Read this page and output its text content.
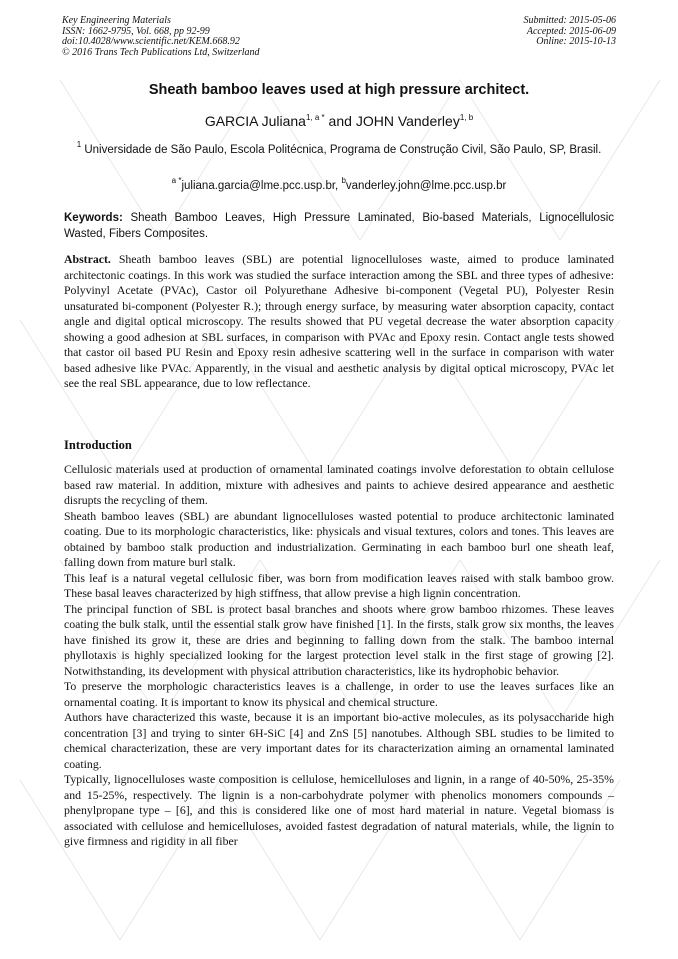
Key Engineering Materials
ISSN: 1662-9795, Vol. 668, pp 92-99
doi:10.4028/www.scientific.net/KEM.668.92
© 2016 Trans Tech Publications Ltd, Switzerland
Submitted: 2015-05-06
Accepted: 2015-06-09
Online: 2015-10-13
Sheath bamboo leaves used at high pressure architect.
GARCIA Juliana$^{1, a *}$ and JOHN Vanderley$^{1, b}$
$^1$ Universidade de São Paulo, Escola Politécnica, Programa de Construção Civil, São Paulo, SP, Brasil.
$^{a *}$juliana.garcia@lme.pcc.usp.br, $^b$vanderley.john@lme.pcc.usp.br
Keywords: Sheath Bamboo Leaves, High Pressure Laminated, Bio-based Materials, Lignocellulosic Wasted, Fibers Composites.
Abstract. Sheath bamboo leaves (SBL) are potential lignocelluloses waste, aimed to produce laminated architectonic coatings. In this work was studied the surface interaction among the SBL and three types of adhesive: Polyvinyl Acetate (PVAc), Castor oil Polyurethane Adhesive bi-component (Vegetal PU), Polyester Resin unsaturated bi-component (Polyester R.); through energy surface, by measuring water absorption capacity, contact angle and digital optical microscopy. The results showed that PU vegetal decrease the water absorption capacity showing a good adhesion at SBL surfaces, in comparison with PVAc and Epoxy resin. Contact angle tests showed that castor oil based PU Resin and Epoxy resin adhesive scattering well in the surface in comparison with water based adhesive like PVAc. Apparently, in the visual and aesthetic analysis by digital optical microscopy, PVAc let see the real SBL appearance, due to low reflectance.
Introduction

Cellulosic materials used at production of ornamental laminated coatings involve deforestation to obtain cellulose based raw material. In addition, mixture with adhesives and paints to achieve desired appearance and aesthetic disrupts the recycling of them.

Sheath bamboo leaves (SBL) are abundant lignocelluloses wasted potential to produce architectonic laminated coating. Due to its morphologic characteristics, like: physicals and visual textures, colors and tones. This leaves are obtained by bamboo stalk production and industrialization. Germinating in each bamboo burl one sheath leaf, falling down from mature burl stalk.

This leaf is a natural vegetal cellulosic fiber, was born from modification leaves raised with stalk bamboo grow. These basal leaves characterized by high stiffness, that allow previse a high lignin concentration.

The principal function of SBL is protect basal branches and shoots where grow bamboo rhizomes. These leaves coating the bulk stalk, until the essential stalk grow have finished [1]. In the firsts, stalk grow six months, the leaves have finished its grow it, these are dries and beginning to falling down from the stalk. The bamboo internal phyllotaxis is highly specialized looking for the largest protection level stalk in the first stage of growing [2]. Notwithstanding, its development with physical attribution characteristics, like its hydrophobic behavior.

To preserve the morphologic characteristics leaves is a challenge, in order to use the leaves surfaces like an ornamental coating. It is important to know its physical and chemical structure.

Authors have characterized this waste, because it is an important bio-active molecules, as its polysaccharide high concentration [3] and trying to sinter 6H-SiC [4] and ZnS [5] nanotubes. Although SBL studies to be limited to chemical characterization, these are very important dates for its characterization aiming an ornamental laminated coating.

Typically, lignocelluloses waste composition is cellulose, hemicelluloses and lignin, in a range of 40-50%, 25-35% and 15-25%, respectively. The lignin is a non-carbohydrate polymer with phenolics monomers compounds –phenylpropane type – [6], and this is considered like one of most hard material in nature. Vegetal biomass is associated with cellulose and hemicelluloses, avoided fastest degradation of natural materials, while, the lignin to give firmness and rigidity in all fiber
